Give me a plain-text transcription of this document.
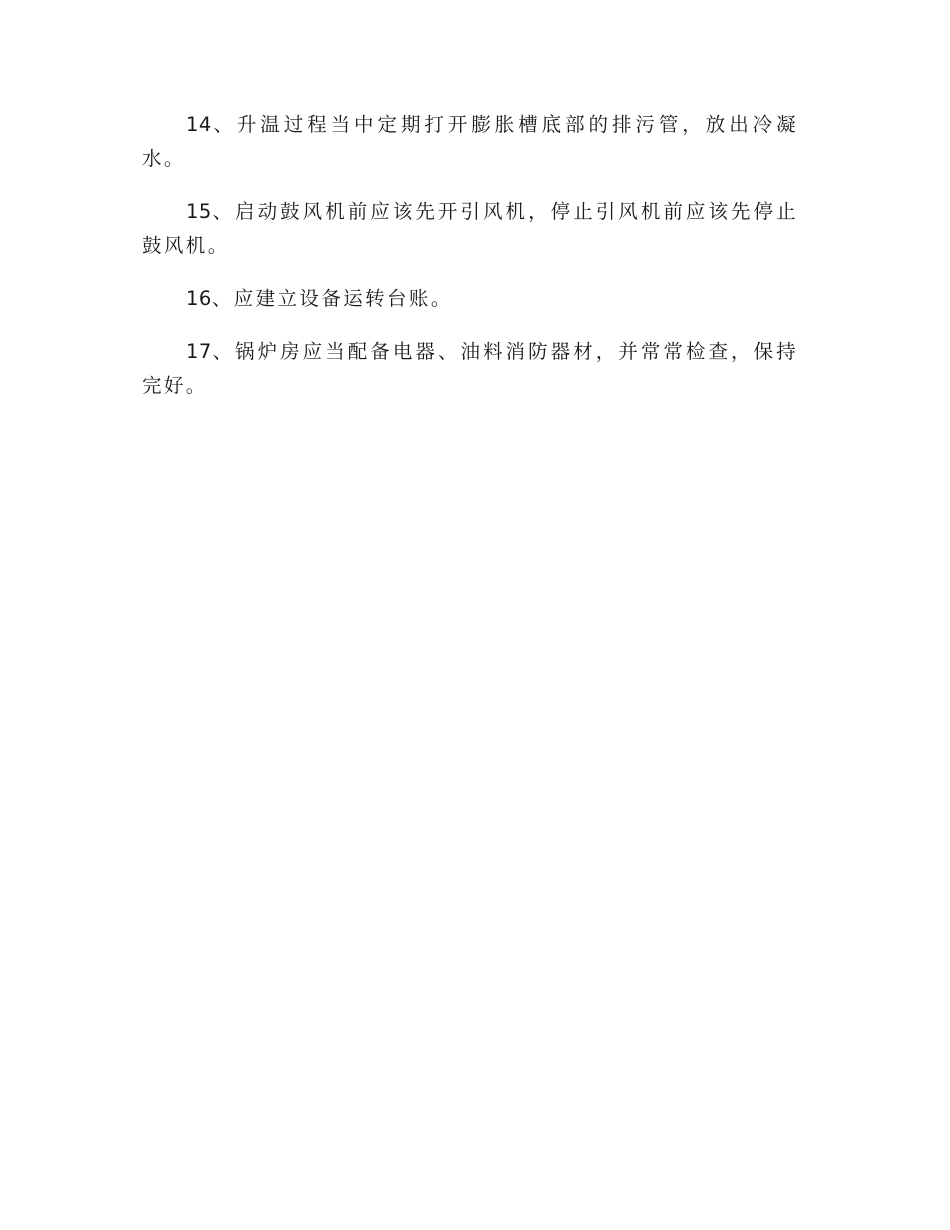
14、升温过程当中定期打开膨胀槽底部的排污管，放出冷凝水。

15、启动鼓风机前应该先开引风机，停止引风机前应该先停止鼓风机。

16、应建立设备运转台账。

17、锅炉房应当配备电器、油料消防器材，并常常检查，保持完好。
